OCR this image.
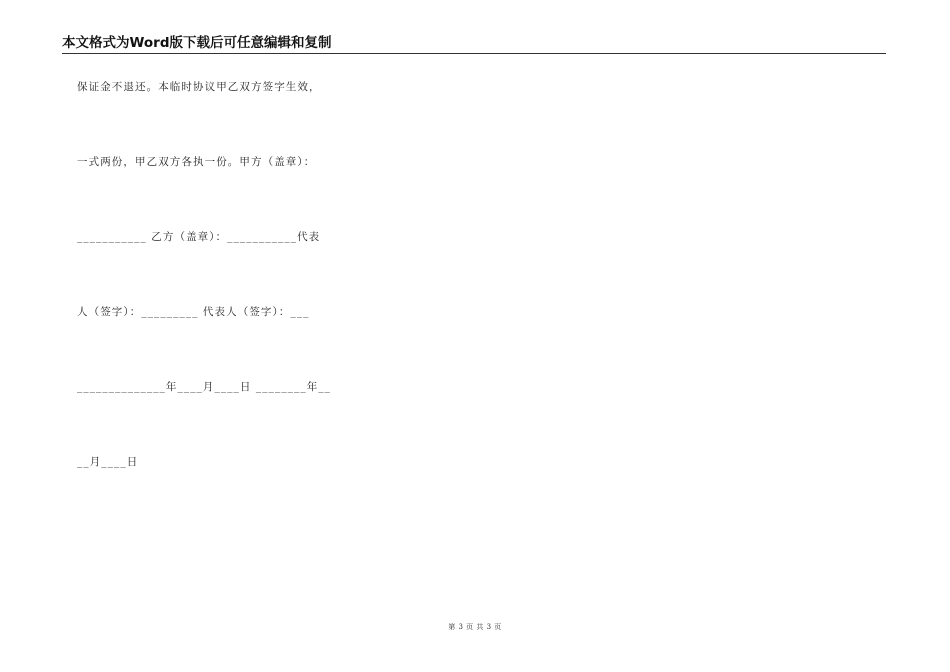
本文格式为Word版下载后可任意编辑和复制
保证金不退还。本临时协议甲乙双方签字生效，
一式两份，甲乙双方各执一份。甲方（盖章）：
___________ 乙方（盖章）：___________代表
人（签字）：_________ 代表人（签字）：___
______________年____月____日 ________年__
__月____日
第 3 页 共 3 页
